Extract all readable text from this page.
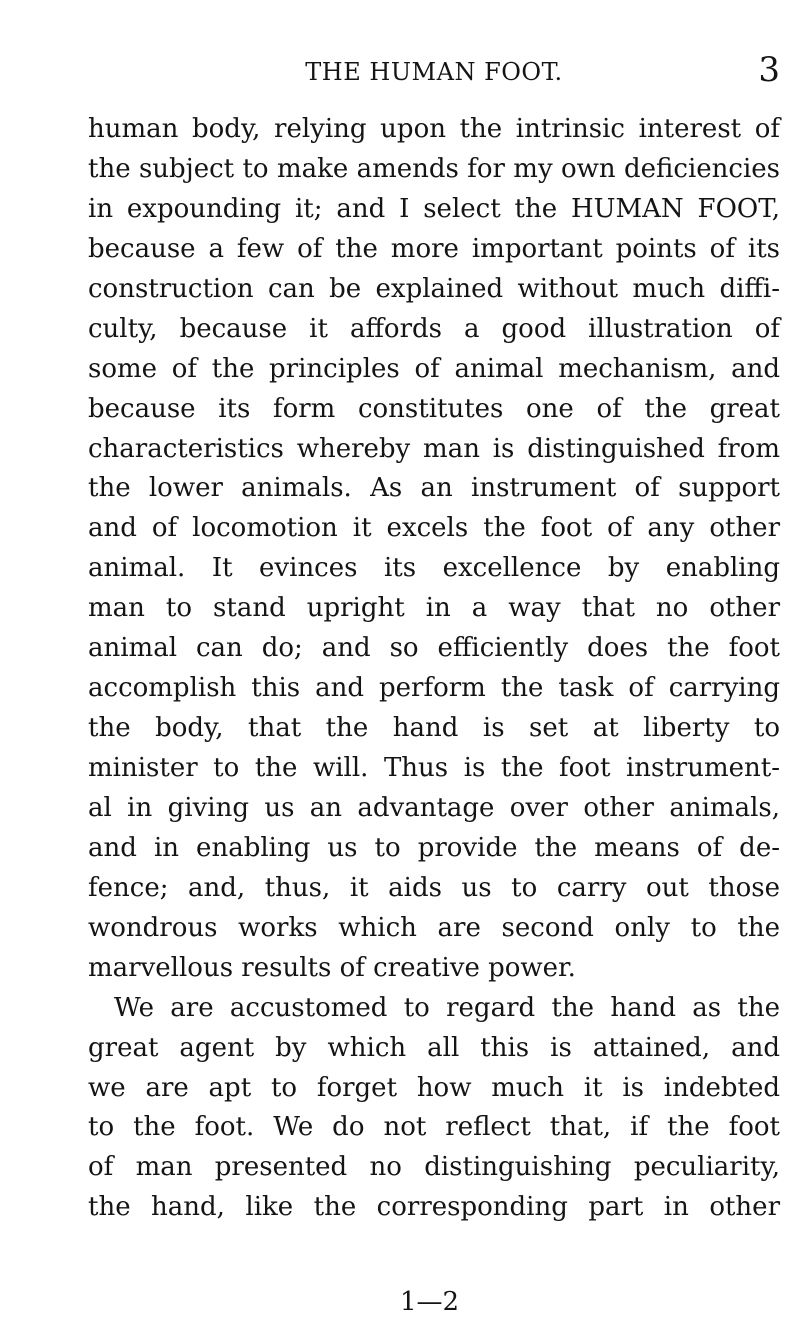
THE HUMAN FOOT.	3
human body, relying upon the intrinsic interest of
the subject to make amends for my own deficiencies
in expounding it; and I select the HUMAN FOOT,
because a few of the more important points of its
construction can be explained without much diffi-
culty, because it affords a good illustration of
some of the principles of animal mechanism, and
because its form constitutes one of the great
characteristics whereby man is distinguished from
the lower animals. As an instrument of support
and of locomotion it excels the foot of any other
animal. It evinces its excellence by enabling
man to stand upright in a way that no other
animal can do; and so efficiently does the foot
accomplish this and perform the task of carrying
the body, that the hand is set at liberty to
minister to the will. Thus is the foot instrument-
al in giving us an advantage over other animals,
and in enabling us to provide the means of de-
fence; and, thus, it aids us to carry out those
wondrous works which are second only to the
marvellous results of creative power.
We are accustomed to regard the hand as the
great agent by which all this is attained, and
we are apt to forget how much it is indebted
to the foot. We do not reflect that, if the foot
of man presented no distinguishing peculiarity,
the hand, like the corresponding part in other
1—2
